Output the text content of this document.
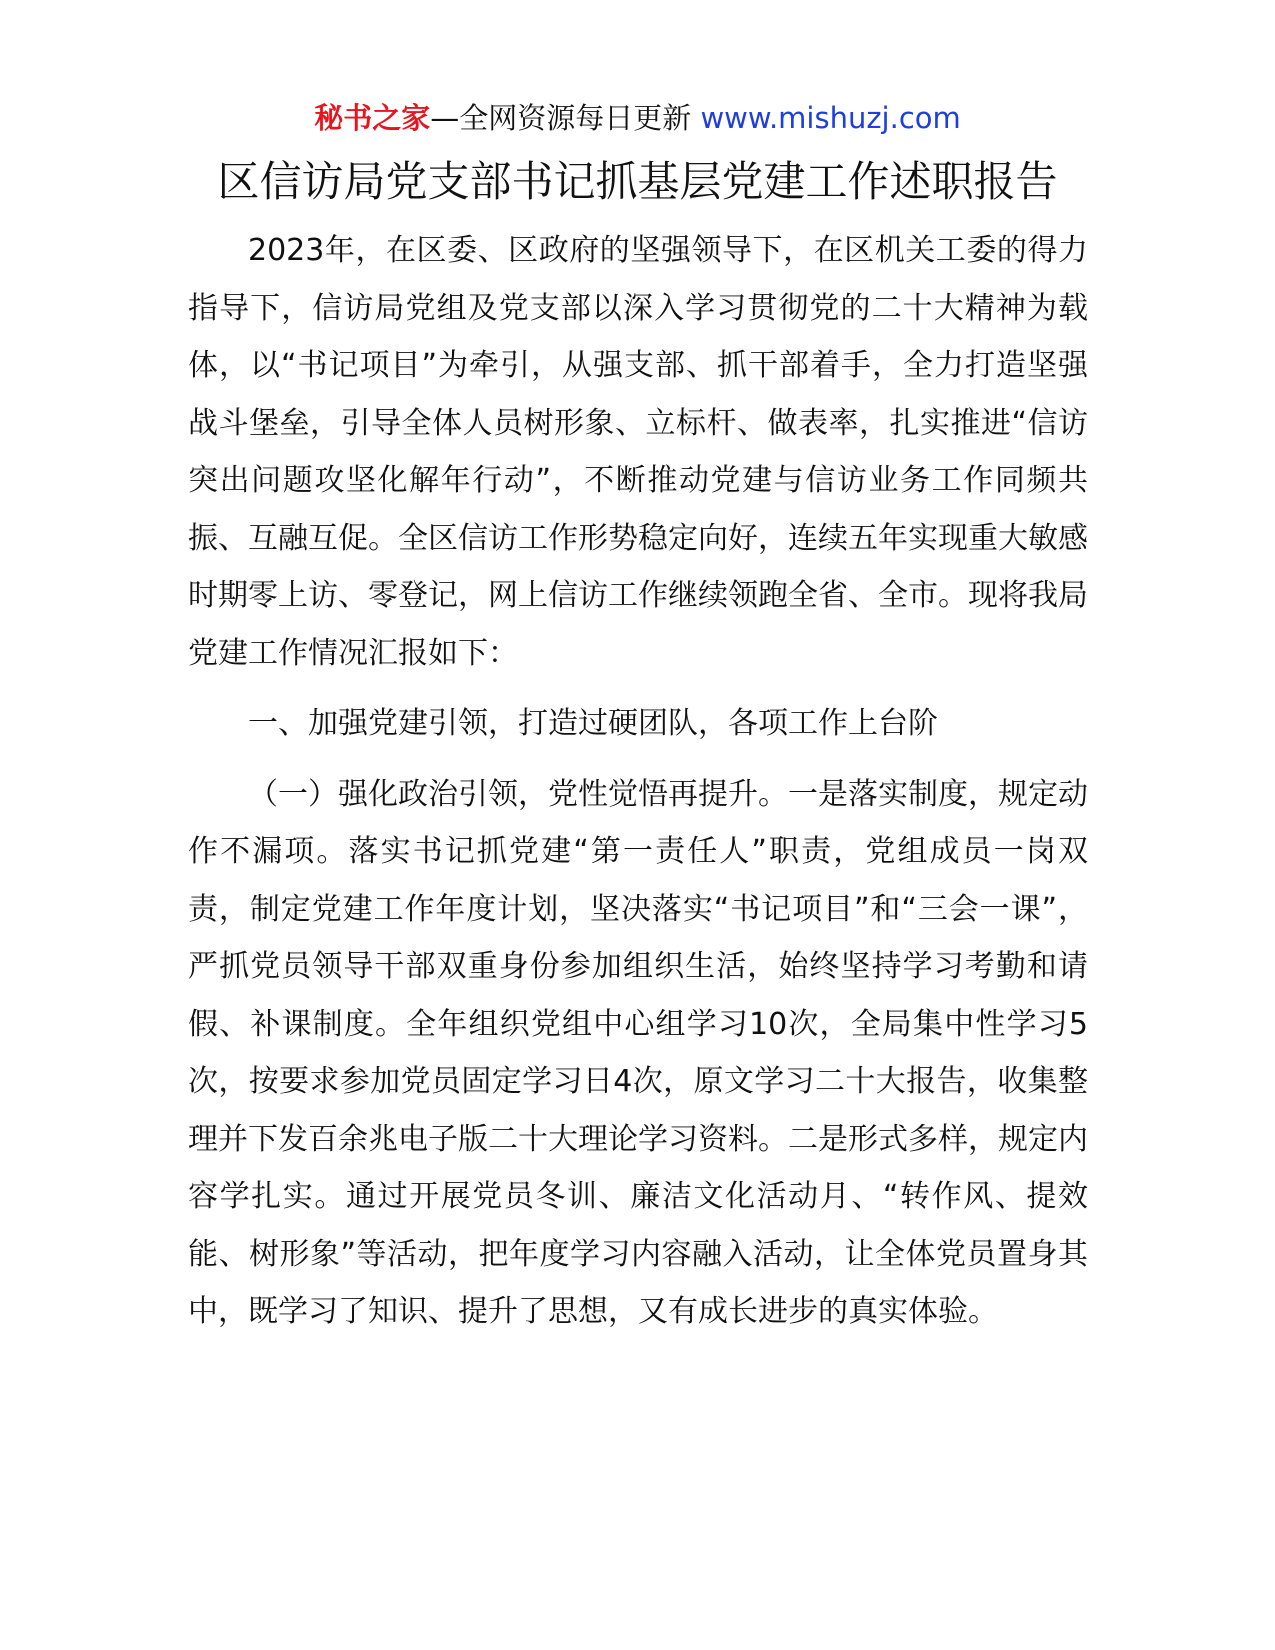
秘书之家—全网资源每日更新 www.mishuzj.com
区信访局党支部书记抓基层党建工作述职报告

2023年，在区委、区政府的坚强领导下，在区机关工委的得力指导下，信访局党组及党支部以深入学习贯彻党的二十大精神为载体，以“书记项目”为牵引，从强支部、抓干部着手，全力打造坚强战斗堡垒，引导全体人员树形象、立标杆、做表率，扎实推进“信访突出问题攻坚化解年行动”，不断推动党建与信访业务工作同频共振、互融互促。全区信访工作形势稳定向好，连续五年实现重大敏感时期零上访、零登记，网上信访工作继续领跑全省、全市。现将我局党建工作情况汇报如下：

一、加强党建引领，打造过硬团队，各项工作上台阶

（一）强化政治引领，党性觉悟再提升。一是落实制度，规定动作不漏项。落实书记抓党建“第一责任人”职责，党组成员一岗双责，制定党建工作年度计划，坚决落实“书记项目”和“三会一课”，严抓党员领导干部双重身份参加组织生活，始终坚持学习考勤和请假、补课制度。全年组织党组中心组学习10次，全局集中性学习5次，按要求参加党员固定学习日4次，原文学习二十大报告，收集整理并下发百余兆电子版二十大理论学习资料。二是形式多样，规定内容学扎实。通过开展党员冬训、廉洁文化活动月、“转作风、提效能、树形象”等活动，把年度学习内容融入活动，让全体党员置身其中，既学习了知识、提升了思想，又有成长进步的真实体验。
